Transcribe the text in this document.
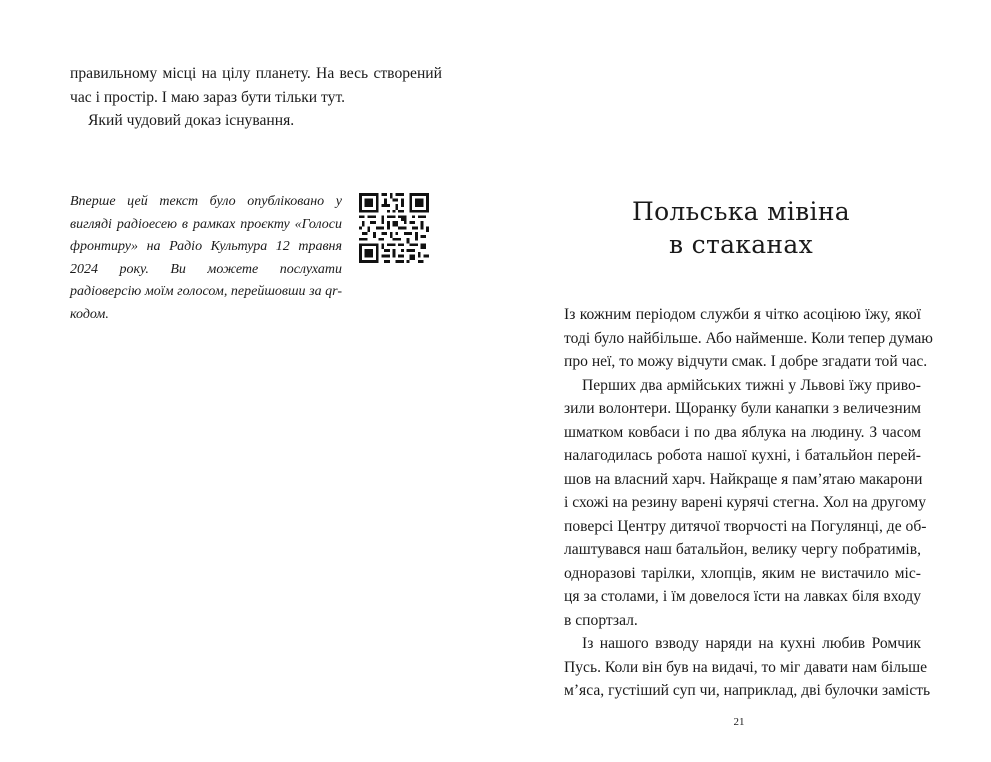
правильному місці на цілу планету. На весь створений

час і простір. І маю зараз бути тільки тут.

Який чудовий доказ існування.

Вперше цей текст було опубліковано у вигляді радіоесею в рамках проєкту «Голоси фронтиру» на Радіо Культура 12 травня 2024 року. Ви можете послухати радіоверсію моїм голосом, перейшовши за qr-кодом.

Польська мівіна
в стаканах
Із кожним періодом служби я чітко асоціюю їжу, якої
тоді було найбільше. Або найменше. Коли тепер думаю
про неї, то можу відчути смак. І добре згадати той час.
Перших два армійських тижні у Львові їжу приво-
зили волонтери. Щоранку були канапки з величезним
шматком ковбаси і по два яблука на людину. З часом
налагодилась робота нашої кухні, і батальйон перей-
шов на власний харч. Найкраще я пам’ятаю макарони
і схожі на резину варені курячі стегна. Хол на другому
поверсі Центру дитячої творчості на Погулянці, де об-
лаштувався наш батальйон, велику чергу побратимів,
одноразові тарілки, хлопців, яким не вистачило міс-
ця за столами, і їм довелося їсти на лавках біля входу
в спортзал.
Із нашого взводу наряди на кухні любив Ромчик
Пусь. Коли він був на видачі, то міг давати нам більше
м’яса, густіший суп чи, наприклад, дві булочки замість
21
